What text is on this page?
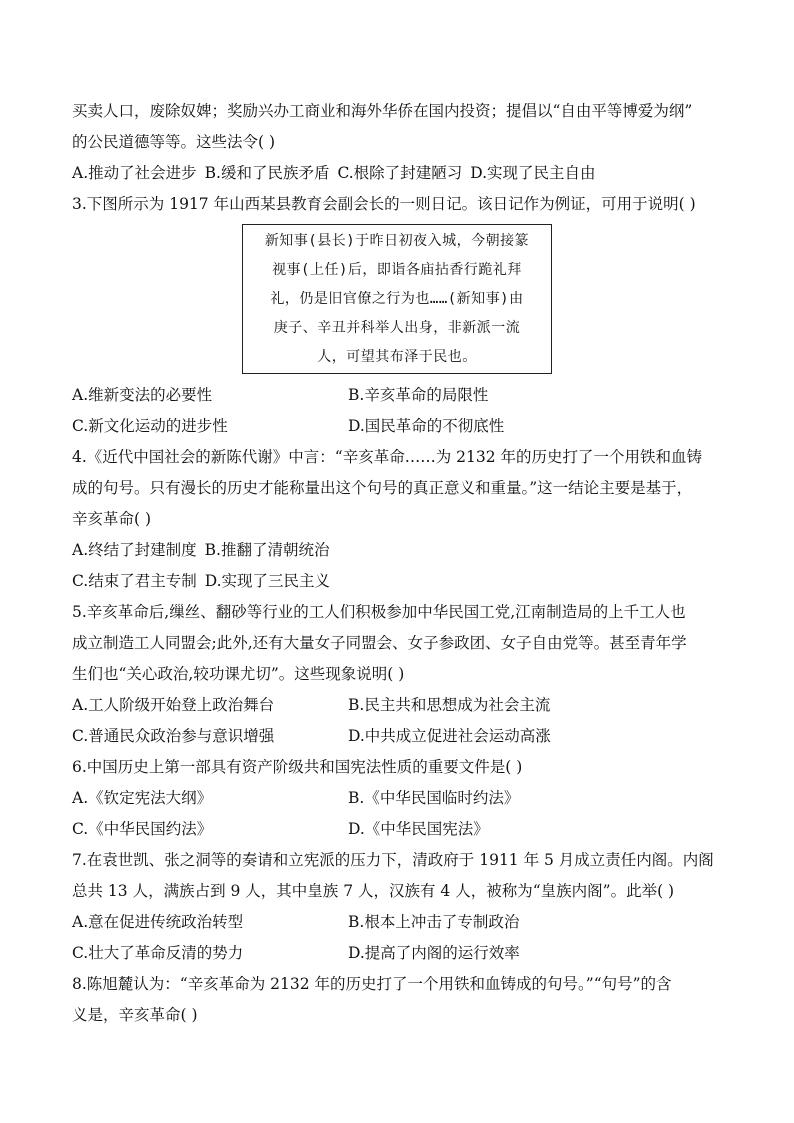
买卖人口，废除奴婢；奖励兴办工商业和海外华侨在国内投资；提倡以“自由平等博爱为纲”
的公民道德等等。这些法令( )
A.推动了社会进步 B.缓和了民族矛盾 C.根除了封建陋习 D.实现了民主自由
3.下图所示为 1917 年山西某县教育会副会长的一则日记。该日记作为例证，可用于说明( )
新知事(县长)于昨日初夜入城，今朝接篆
视事(上任)后，即诣各庙拈香行跪礼拜
礼，仍是旧官僚之行为也……(新知事)由
庚子、辛丑并科举人出身，非新派一流
人，可望其布泽于民也。
A.维新变法的必要性	B.辛亥革命的局限性
C.新文化运动的进步性	D.国民革命的不彻底性
4.《近代中国社会的新陈代谢》中言：“辛亥革命……为 2132 年的历史打了一个用铁和血铸
成的句号。只有漫长的历史才能称量出这个句号的真正意义和重量。”这一结论主要是基于，
辛亥革命( )
A.终结了封建制度 B.推翻了清朝统治
C.结束了君主专制 D.实现了三民主义
5.辛亥革命后,缫丝、翻砂等行业的工人们积极参加中华民国工党,江南制造局的上千工人也
成立制造工人同盟会;此外,还有大量女子同盟会、女子参政团、女子自由党等。甚至青年学
生们也“关心政治,较功课尤切”。这些现象说明( )
A.工人阶级开始登上政治舞台	B.民主共和思想成为社会主流
C.普通民众政治参与意识增强	D.中共成立促进社会运动高涨
6.中国历史上第一部具有资产阶级共和国宪法性质的重要文件是( )
A.《钦定宪法大纲》	B.《中华民国临时约法》
C.《中华民国约法》	D.《中华民国宪法》
7.在袁世凯、张之洞等的奏请和立宪派的压力下，清政府于 1911 年 5 月成立责任内阁。内阁
总共 13 人，满族占到 9 人，其中皇族 7 人，汉族有 4 人，被称为“皇族内阁”。此举( )
A.意在促进传统政治转型	B.根本上冲击了专制政治
C.壮大了革命反清的势力	D.提高了内阁的运行效率
8.陈旭麓认为：“辛亥革命为 2132 年的历史打了一个用铁和血铸成的句号。”“句号”的含
义是，辛亥革命( )
